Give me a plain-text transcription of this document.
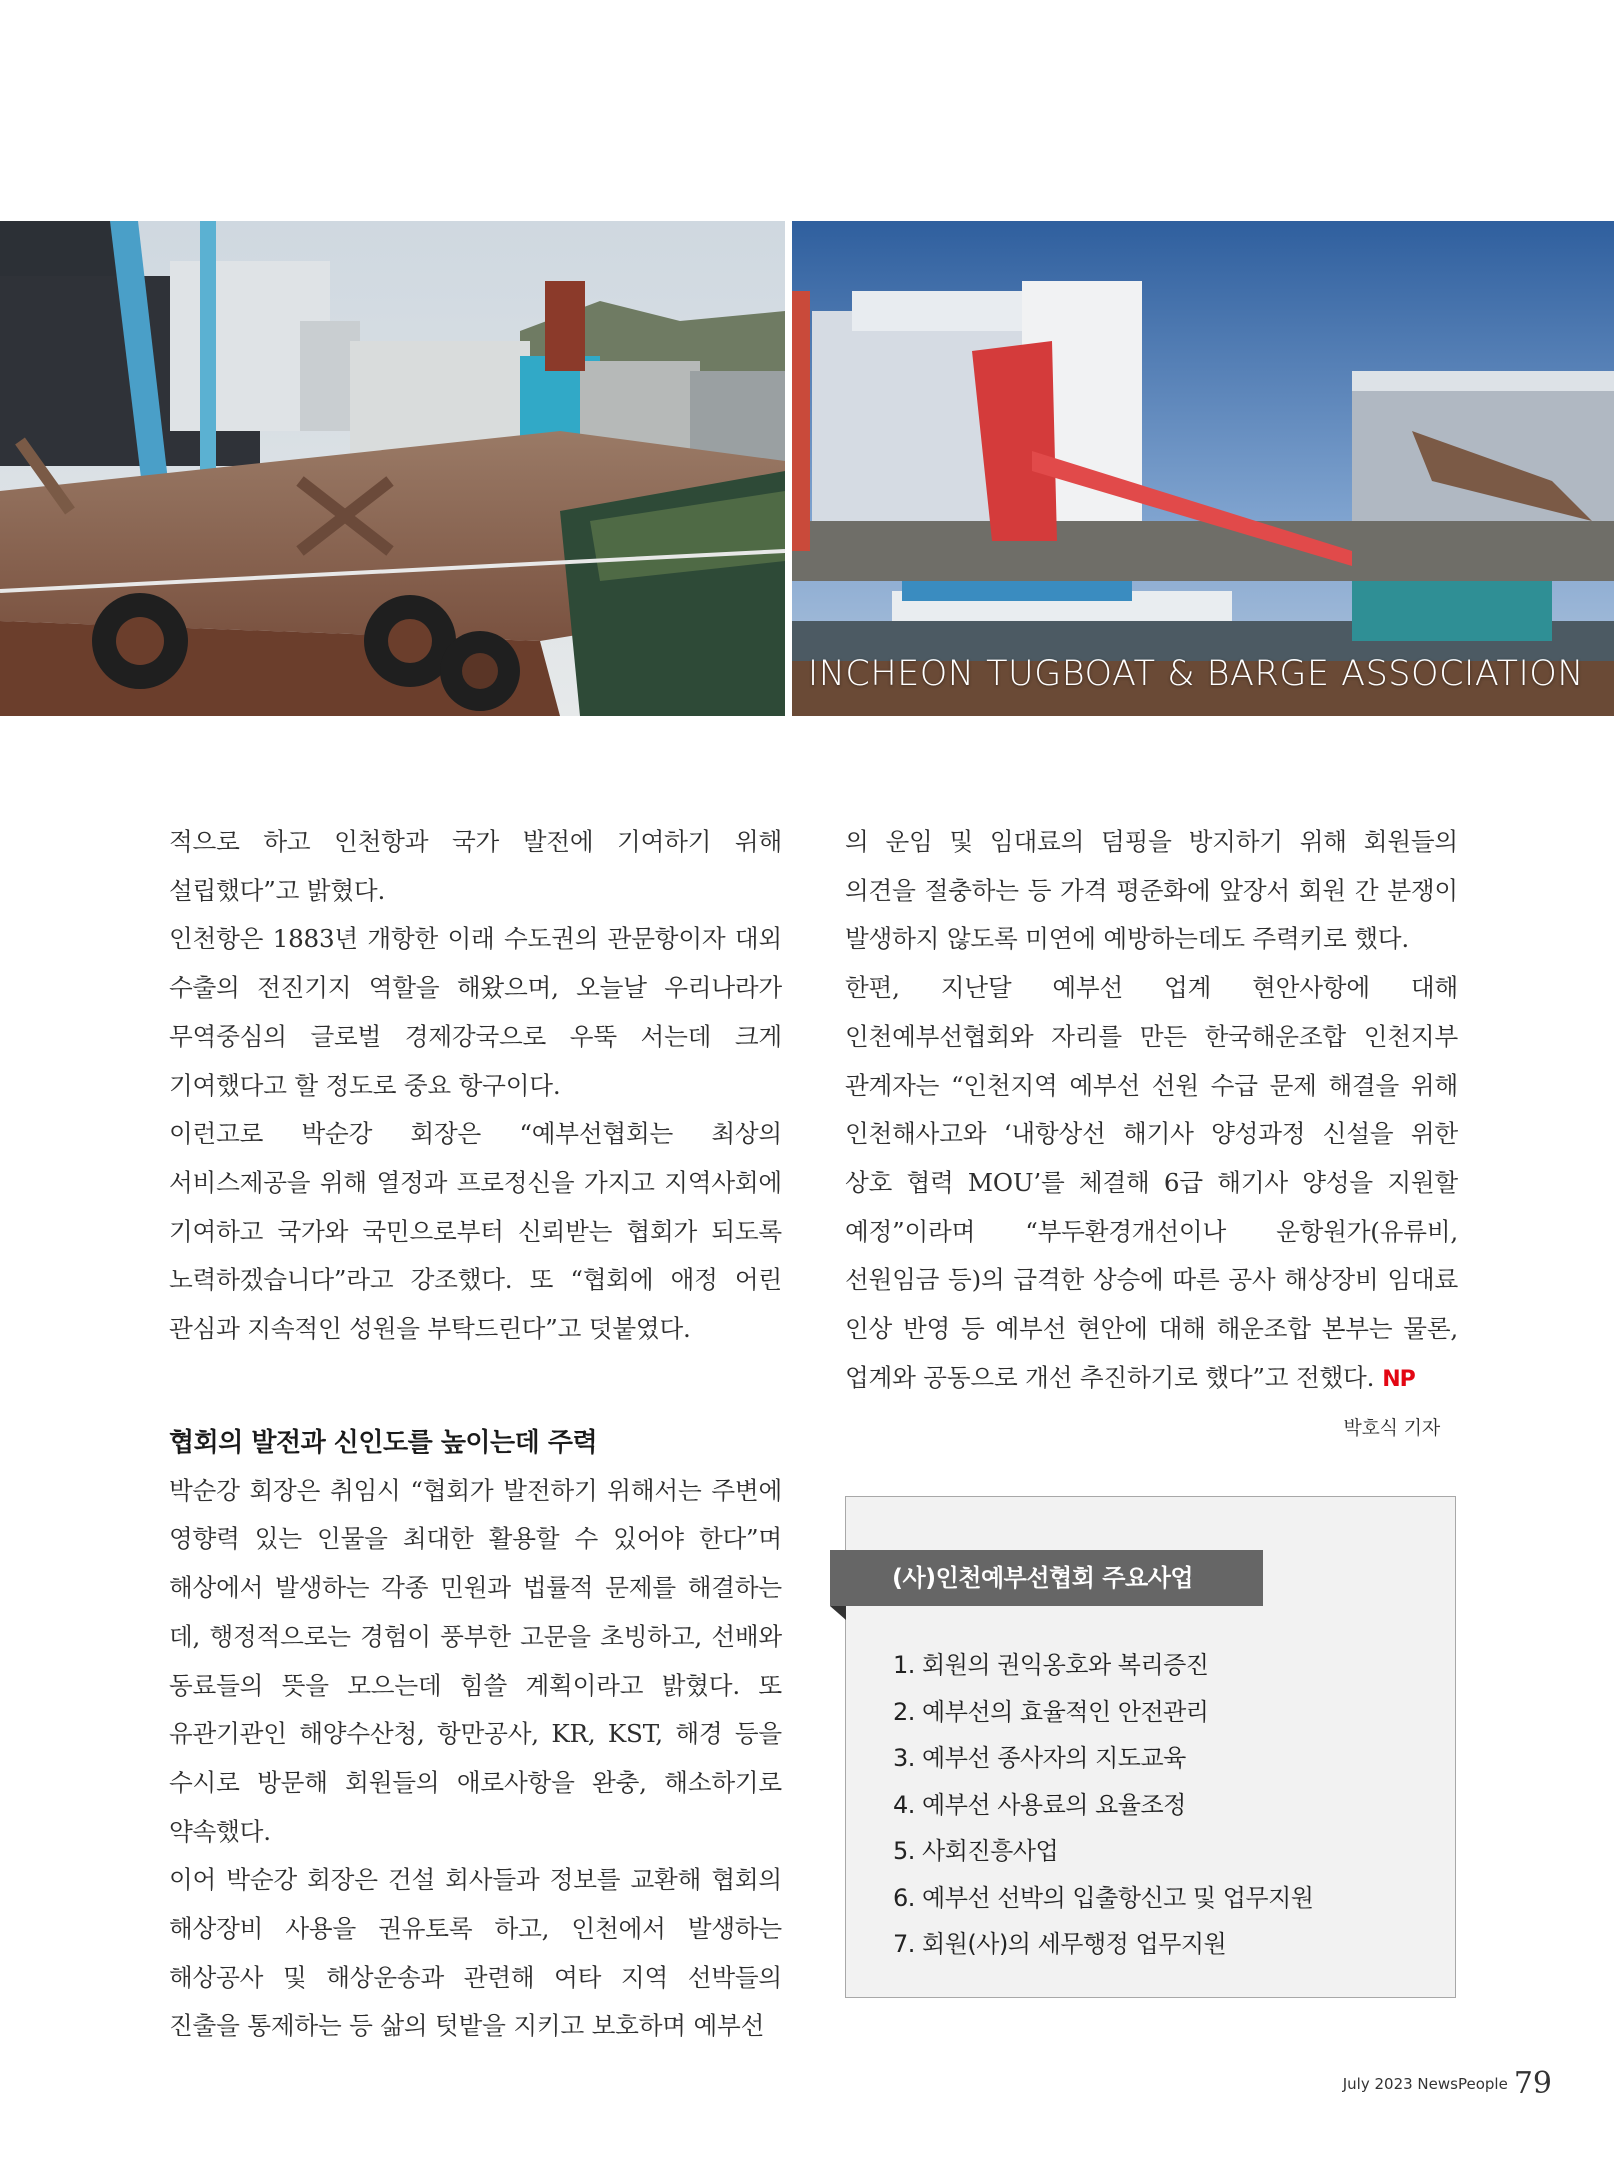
INCHEON TUGBOAT & BARGE ASSOCIATION

적으로 하고 인천항과 국가 발전에 기여하기 위해 설립했다”고 밝혔다.

인천항은 1883년 개항한 이래 수도권의 관문항이자 대외 수출의 전진기지 역할을 해왔으며, 오늘날 우리나라가 무역중심의 글로벌 경제강국으로 우뚝 서는데 크게 기여했다고 할 정도로 중요 항구이다.

이런고로 박순강 회장은 “예부선협회는 최상의 서비스제공을 위해 열정과 프로정신을 가지고 지역사회에 기여하고 국가와 국민으로부터 신뢰받는 협회가 되도록 노력하겠습니다”라고 강조했다. 또 “협회에 애정 어린 관심과 지속적인 성원을 부탁드린다”고 덧붙였다.

협회의 발전과 신인도를 높이는데 주력

박순강 회장은 취임시 “협회가 발전하기 위해서는 주변에 영향력 있는 인물을 최대한 활용할 수 있어야 한다”며 해상에서 발생하는 각종 민원과 법률적 문제를 해결하는 데, 행정적으로는 경험이 풍부한 고문을 초빙하고, 선배와 동료들의 뜻을 모으는데 힘쓸 계획이라고 밝혔다. 또 유관기관인 해양수산청, 항만공사, KR, KST, 해경 등을 수시로 방문해 회원들의 애로사항을 완충, 해소하기로 약속했다.

이어 박순강 회장은 건설 회사들과 정보를 교환해 협회의 해상장비 사용을 권유토록 하고, 인천에서 발생하는 해상공사 및 해상운송과 관련해 여타 지역 선박들의 진출을 통제하는 등 삶의 텃밭을 지키고 보호하며 예부선

의 운임 및 임대료의 덤핑을 방지하기 위해 회원들의 의견을 절충하는 등 가격 평준화에 앞장서 회원 간 분쟁이 발생하지 않도록 미연에 예방하는데도 주력키로 했다.

한편, 지난달 예부선 업계 현안사항에 대해 인천예부선협회와 자리를 만든 한국해운조합 인천지부 관계자는 “인천지역 예부선 선원 수급 문제 해결을 위해 인천해사고와 ‘내항상선 해기사 양성과정 신설을 위한 상호 협력 MOU’를 체결해 6급 해기사 양성을 지원할 예정”이라며 “부두환경개선이나 운항원가(유류비, 선원임금 등)의 급격한 상승에 따른 공사 해상장비 임대료 인상 반영 등 예부선 현안에 대해 해운조합 본부는 물론, 업계와 공동으로 개선 추진하기로 했다”고 전했다. NP
박호식 기자

(사)인천예부선협회 주요사업
1. 회원의 권익옹호와 복리증진
2. 예부선의 효율적인 안전관리
3. 예부선 종사자의 지도교육
4. 예부선 사용료의 요율조정
5. 사회진흥사업
6. 예부선 선박의 입출항신고 및 업무지원
7. 회원(사)의 세무행정 업무지원
July 2023 NewsPeople 79
